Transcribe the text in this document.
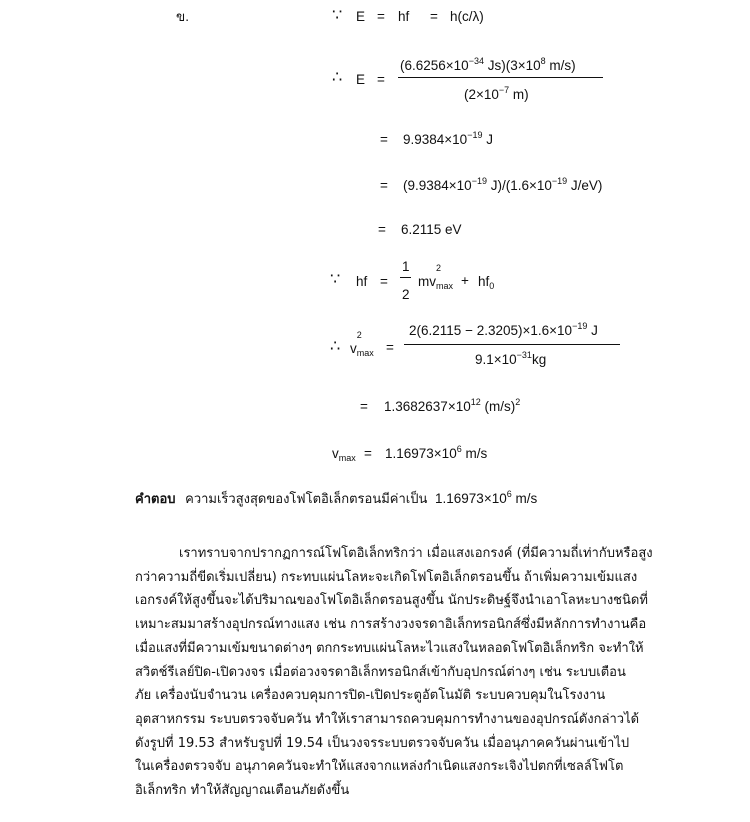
ข.	∵ E = hf = h(c/λ)
∴ E =
($6.6256\times 10^{-34}$ $Js)(3\times 10^8$ m/s)
($2\times 10^{-7}$ m)
= $9.9384\times 10^{-19}$ J
= ($9.9384\times 10^{-19}$ $J)/(1.6\times 10^{-19}$ J/eV)
= 6.2115 eV
∵ hf =
1
2
mv
2
$_{max} + hf_0$
∴ v
2
$_{max}$ =
$2(6.2115 - 2.3205)\times 1.6\times 10^{-19}$ J
$9.1\times 10^{-31}kg$
= $1.3682637\times 10^{12}$ $(m/s)^2$
$v_{max} = 1.16973\times 10^6$ m/s
คำตอบ ความเร็วสูงสุดของโฟโตอิเล็กตรอนมีค่าเป็น $1.16973\times 10^6$ m/s
เราทราบจากปรากฏการณ์โฟโตอิเล็กทริกว่า เมื่อแสงเอกรงค์ (ที่มีความถี่เท่ากับหรือสูง
กว่าความถี่ขีดเริ่มเปลี่ยน) กระทบแผ่นโลหะจะเกิดโฟโตอิเล็กตรอนขึ้น ถ้าเพิ่มความเข้มแสง
เอกรงค์ให้สูงขึ้นจะได้ปริมาณของโฟโตอิเล็กตรอนสูงขึ้น นักประดิษฐ์จึงนำเอาโลหะบางชนิดที่
เหมาะสมมาสร้างอุปกรณ์ทางแสง เช่น การสร้างวงจรดาอิเล็กทรอนิกส์ซึ่งมีหลักการทำงานคือ
เมื่อแสงที่มีความเข้มขนาดต่างๆ ตกกระทบแผ่นโลหะไวแสงในหลอดโฟโตอิเล็กทริก จะทำให้
สวิตช์รีเลย์ปิด-เปิดวงจร เมื่อต่อวงจรดาอิเล็กทรอนิกส์เข้ากับอุปกรณ์ต่างๆ เช่น ระบบเตือน
ภัย เครื่องนับจำนวน เครื่องควบคุมการปิด-เปิดประตูอัตโนมัติ ระบบควบคุมในโรงงาน
อุตสาหกรรม ระบบตรวจจับควัน ทำให้เราสามารถควบคุมการทำงานของอุปกรณ์ดังกล่าวได้
ดังรูปที่ 19.53 สำหรับรูปที่ 19.54 เป็นวงจรระบบตรวจจับควัน เมื่ออนุภาคควันผ่านเข้าไป
ในเครื่องตรวจจับ อนุภาคควันจะทำให้แสงจากแหล่งกำเนิดแสงกระเจิงไปตกที่เซลล์โฟโต
อิเล็กทริก ทำให้สัญญาณเตือนภัยดังขึ้น
